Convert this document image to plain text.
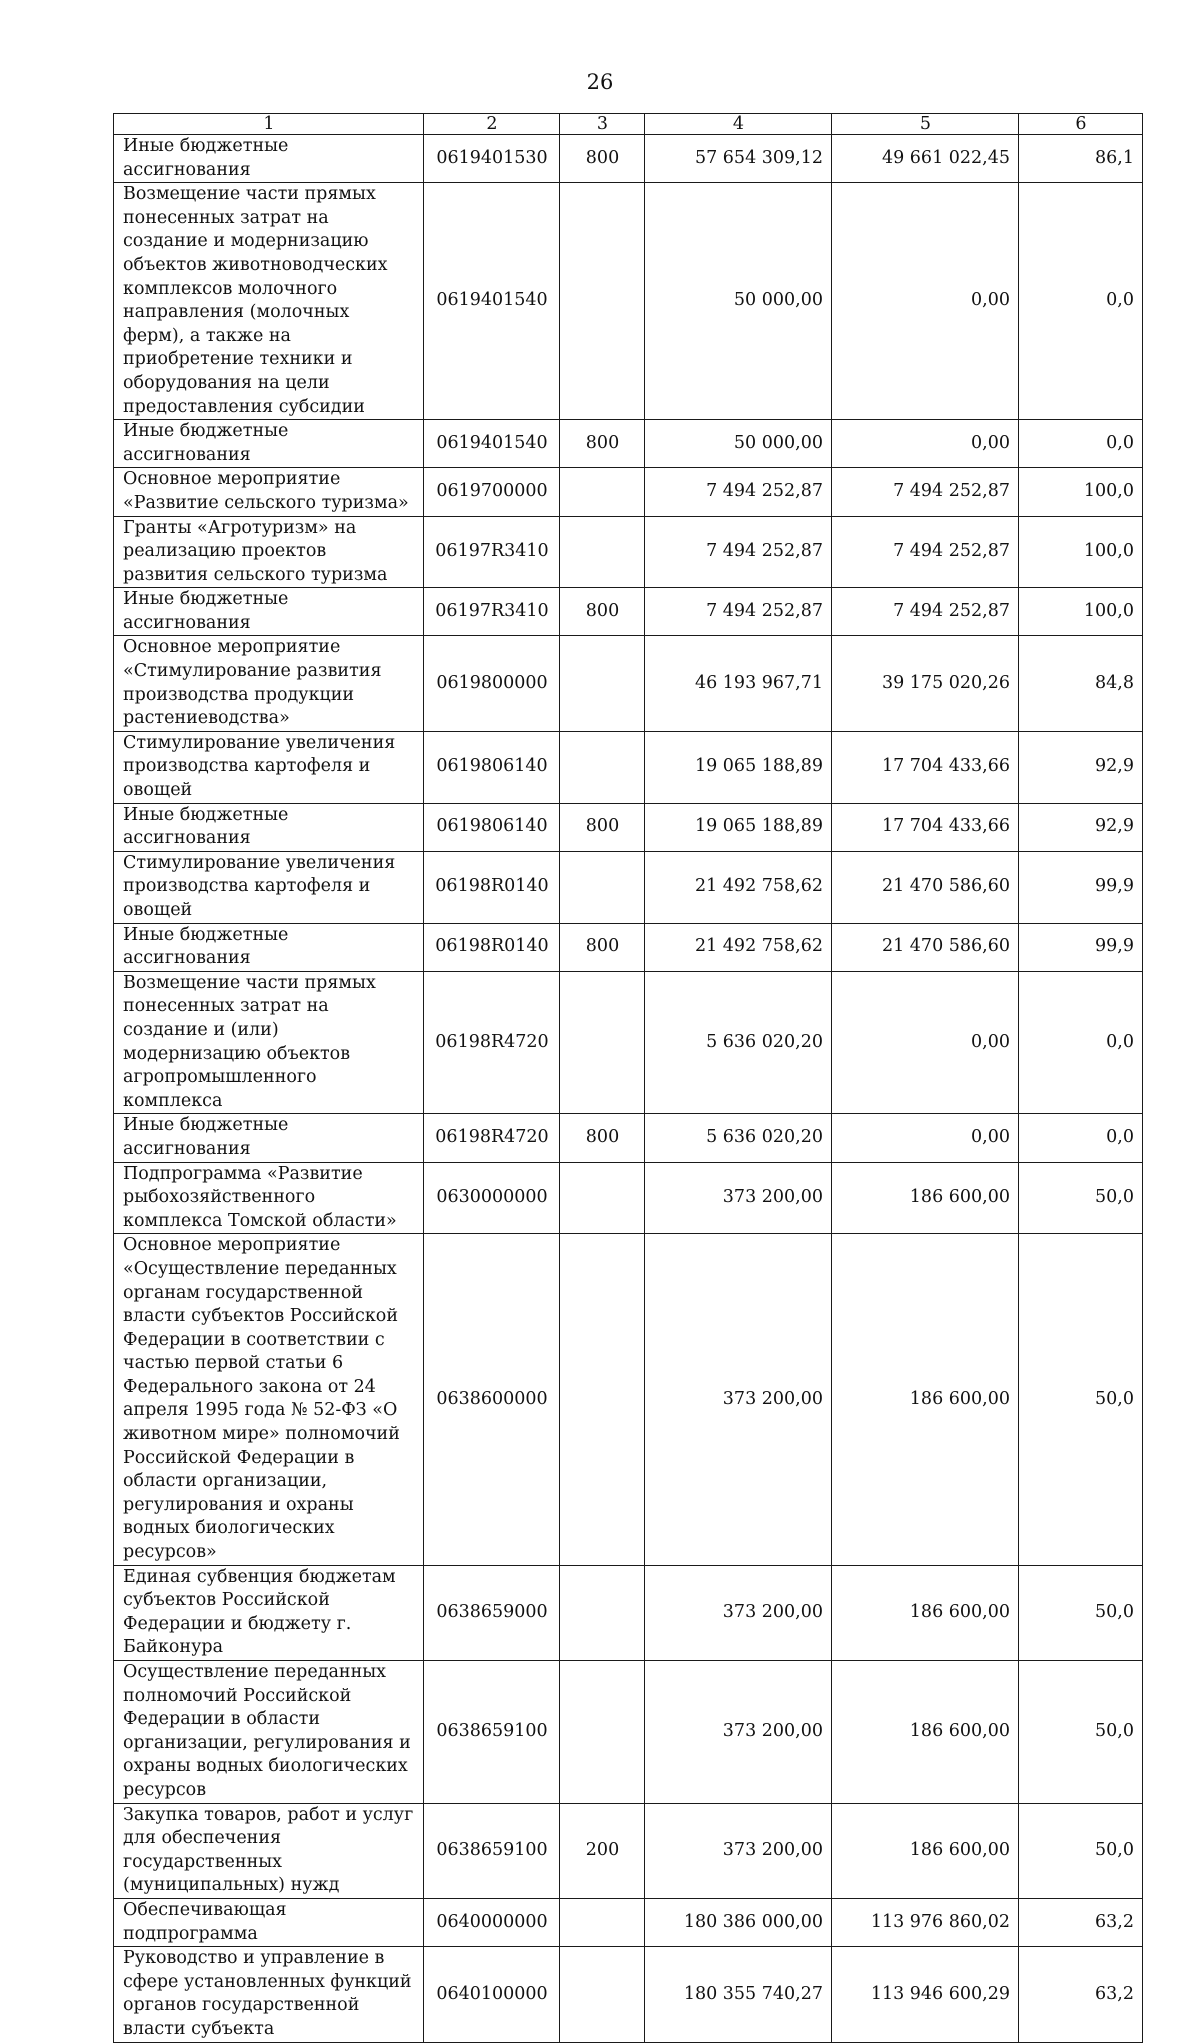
26
1	2	3	4	5	6
Иные бюджетные ассигнования	0619401530	800	57 654 309,12	49 661 022,45	86,1
Возмещение части прямых понесенных затрат на создание и модернизацию объектов животноводческих комплексов молочного направления (молочных ферм), а также на приобретение техники и оборудования на цели предоставления субсидии	0619401540		50 000,00	0,00	0,0
Иные бюджетные ассигнования	0619401540	800	50 000,00	0,00	0,0
Основное мероприятие «Развитие сельского туризма»	0619700000		7 494 252,87	7 494 252,87	100,0
Гранты «Агротуризм» на реализацию проектов развития сельского туризма	06197R3410		7 494 252,87	7 494 252,87	100,0
Иные бюджетные ассигнования	06197R3410	800	7 494 252,87	7 494 252,87	100,0
Основное мероприятие «Стимулирование развития производства продукции растениеводства»	0619800000		46 193 967,71	39 175 020,26	84,8
Стимулирование увеличения производства картофеля и овощей	0619806140		19 065 188,89	17 704 433,66	92,9
Иные бюджетные ассигнования	0619806140	800	19 065 188,89	17 704 433,66	92,9
Стимулирование увеличения производства картофеля и овощей	06198R0140		21 492 758,62	21 470 586,60	99,9
Иные бюджетные ассигнования	06198R0140	800	21 492 758,62	21 470 586,60	99,9
Возмещение части прямых понесенных затрат на создание и (или) модернизацию объектов агропромышленного комплекса	06198R4720		5 636 020,20	0,00	0,0
Иные бюджетные ассигнования	06198R4720	800	5 636 020,20	0,00	0,0
Подпрограмма «Развитие рыбохозяйственного комплекса Томской области»	0630000000		373 200,00	186 600,00	50,0
Основное мероприятие «Осуществление переданных органам государственной власти субъектов Российской Федерации в соответствии с частью первой статьи 6 Федерального закона от 24 апреля 1995 года № 52-ФЗ «О животном мире» полномочий Российской Федерации в области организации, регулирования и охраны водных биологических ресурсов»	0638600000		373 200,00	186 600,00	50,0
Единая субвенция бюджетам субъектов Российской Федерации и бюджету г. Байконура	0638659000		373 200,00	186 600,00	50,0
Осуществление переданных полномочий Российской Федерации в области организации, регулирования и охраны водных биологических ресурсов	0638659100		373 200,00	186 600,00	50,0
Закупка товаров, работ и услуг для обеспечения государственных (муниципальных) нужд	0638659100	200	373 200,00	186 600,00	50,0
Обеспечивающая подпрограмма	0640000000		180 386 000,00	113 976 860,02	63,2
Руководство и управление в сфере установленных функций органов государственной власти субъекта	0640100000		180 355 740,27	113 946 600,29	63,2
